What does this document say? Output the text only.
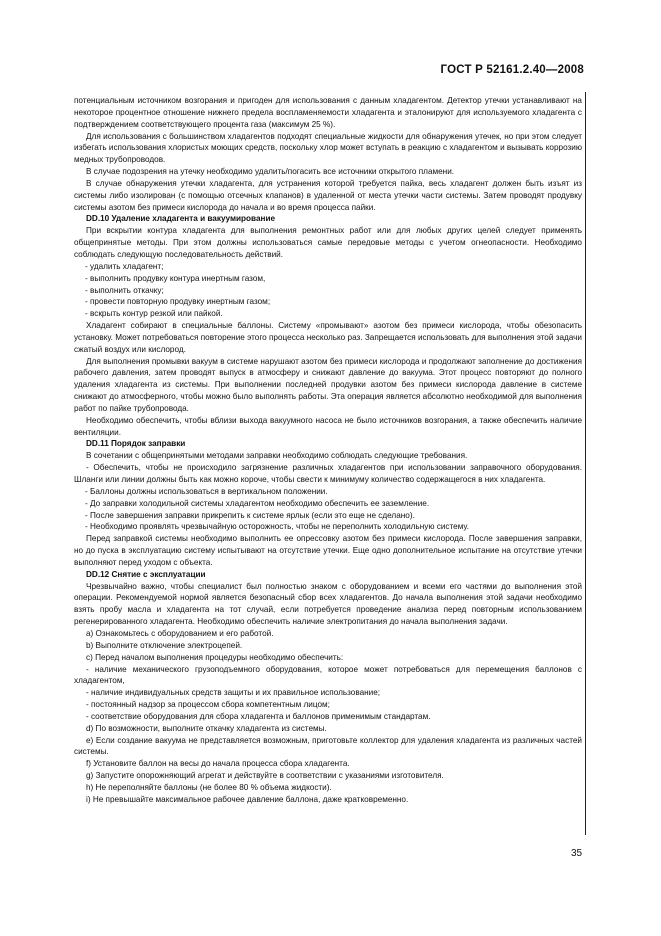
ГОСТ Р 52161.2.40—2008

потенциальным источником возгорания и пригоден для использования с данным хладагентом. Детектор утечки устанавливают на некоторое процентное отношение нижнего предела воспламеняемости хладагента и эталонируют для используемого хладагента с подтверждением соответствующего процента газа (максимум 25 %).

Для использования с большинством хладагентов подходят специальные жидкости для обнаружения утечек, но при этом следует избегать использования хлористых моющих средств, поскольку хлор может вступать в реакцию с хладагентом и вызывать коррозию медных трубопроводов.

В случае подозрения на утечку необходимо удалить/погасить все источники открытого пламени.

В случае обнаружения утечки хладагента, для устранения которой требуется пайка, весь хладагент должен быть изъят из системы либо изолирован (с помощью отсечных клапанов) в удаленной от места утечки части системы. Затем проводят продувку системы азотом без примеси кислорода до начала и во время процесса пайки.

DD.10 Удаление хладагента и вакуумирование

При вскрытии контура хладагента для выполнения ремонтных работ или для любых других целей следует применять общепринятые методы. При этом должны использоваться самые передовые методы с учетом огнеопасности. Необходимо соблюдать следующую последовательность действий.

- удалить хладагент;

- выполнить продувку контура инертным газом,

- выполнить откачку;

- провести повторную продувку инертным газом;

- вскрыть контур резкой или пайкой.

Хладагент собирают в специальные баллоны. Систему «промывают» азотом без примеси кислорода, чтобы обезопасить установку. Может потребоваться повторение этого процесса несколько раз. Запрещается использовать для выполнения этой задачи сжатый воздух или кислород.

Для выполнения промывки вакуум в системе нарушают азотом без примеси кислорода и продолжают заполнение до достижения рабочего давления, затем проводят выпуск в атмосферу и снижают давление до вакуума. Этот процесс повторяют до полного удаления хладагента из системы. При выполнении последней продувки азотом без примеси кислорода давление в системе снижают до атмосферного, чтобы можно было выполнять работы. Эта операция является абсолютно необходимой для выполнения работ по пайке трубопровода.

Необходимо обеспечить, чтобы вблизи выхода вакуумного насоса не было источников возгорания, а также обеспечить наличие вентиляции.

DD.11 Порядок заправки

В сочетании с общепринятыми методами заправки необходимо соблюдать следующие требования.

- Обеспечить, чтобы не происходило загрязнение различных хладагентов при использовании заправочного оборудования. Шланги или линии должны быть как можно короче, чтобы свести к минимуму количество содержащегося в них хладагента.

- Баллоны должны использоваться в вертикальном положении.

- До заправки холодильной системы хладагентом необходимо обеспечить ее заземление.

- После завершения заправки прикрепить к системе ярлык (если это еще не сделано).

- Необходимо проявлять чрезвычайную осторожность, чтобы не переполнить холодильную систему.

Перед заправкой системы необходимо выполнить ее опрессовку азотом без примеси кислорода. После завершения заправки, но до пуска в эксплуатацию систему испытывают на отсутствие утечки. Еще одно дополнительное испытание на отсутствие утечки выполняют перед уходом с объекта.

DD.12 Снятие с эксплуатации

Чрезвычайно важно, чтобы специалист был полностью знаком с оборудованием и всеми его частями до выполнения этой операции. Рекомендуемой нормой является безопасный сбор всех хладагентов. До начала выполнения этой задачи необходимо взять пробу масла и хладагента на тот случай, если потребуется проведение анализа перед повторным использованием регенерированного хладагента. Необходимо обеспечить наличие электропитания до начала выполнения задачи.

a) Ознакомьтесь с оборудованием и его работой.

b) Выполните отключение электроцепей.

c) Перед началом выполнения процедуры необходимо обеспечить:

- наличие механического грузоподъемного оборудования, которое может потребоваться для перемещения баллонов с хладагентом,

- наличие индивидуальных средств защиты и их правильное использование;

- постоянный надзор за процессом сбора компетентным лицом;

- соответствие оборудования для сбора хладагента и баллонов применимым стандартам.

d) По возможности, выполните откачку хладагента из системы.

e) Если создание вакуума не представляется возможным, приготовьте коллектор для удаления хладагента из различных частей системы.

f) Установите баллон на весы до начала процесса сбора хладагента.

g) Запустите опорожняющий агрегат и действуйте в соответствии с указаниями изготовителя.

h) Не переполняйте баллоны (не более 80 % объема жидкости).

i) Не превышайте максимальное рабочее давление баллона, даже кратковременно.

35
